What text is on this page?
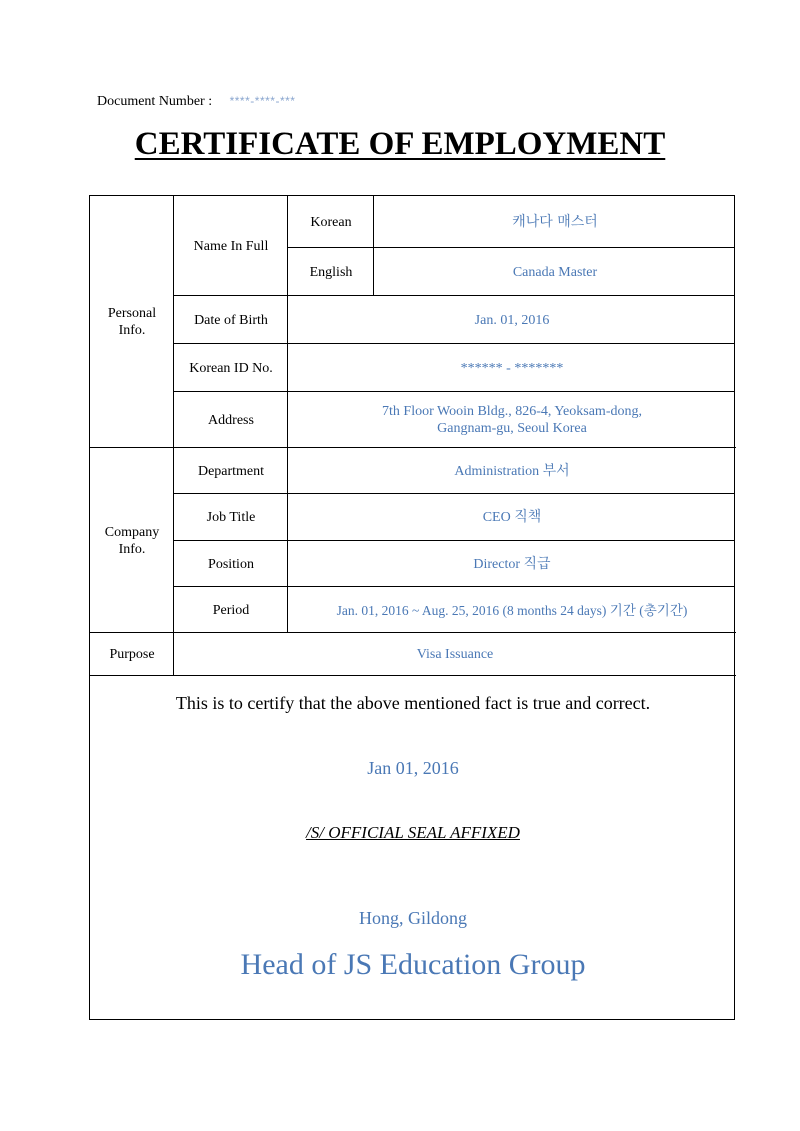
Document Number : ****-****-***
CERTIFICATE OF EMPLOYMENT
Personal Info.
Company Info.
Purpose
Name In Full
Korean
English
Date of Birth
Korean ID No.
Address
Department
Job Title
Position
Period
캐나다 매스터
Canada Master
Jan. 01, 2016
****** - *******
7th Floor Wooin Bldg., 826-4, Yeoksam-dong, Gangnam-gu, Seoul Korea
Administration 부서
CEO 직책
Director 직급
Jan. 01, 2016 ~ Aug. 25, 2016 (8 months 24 days) 기간 (총기간)
Visa Issuance
This is to certify that the above mentioned fact is true and correct.
Jan 01, 2016
/S/ OFFICIAL SEAL AFFIXED
Hong, Gildong
Head of JS Education Group
